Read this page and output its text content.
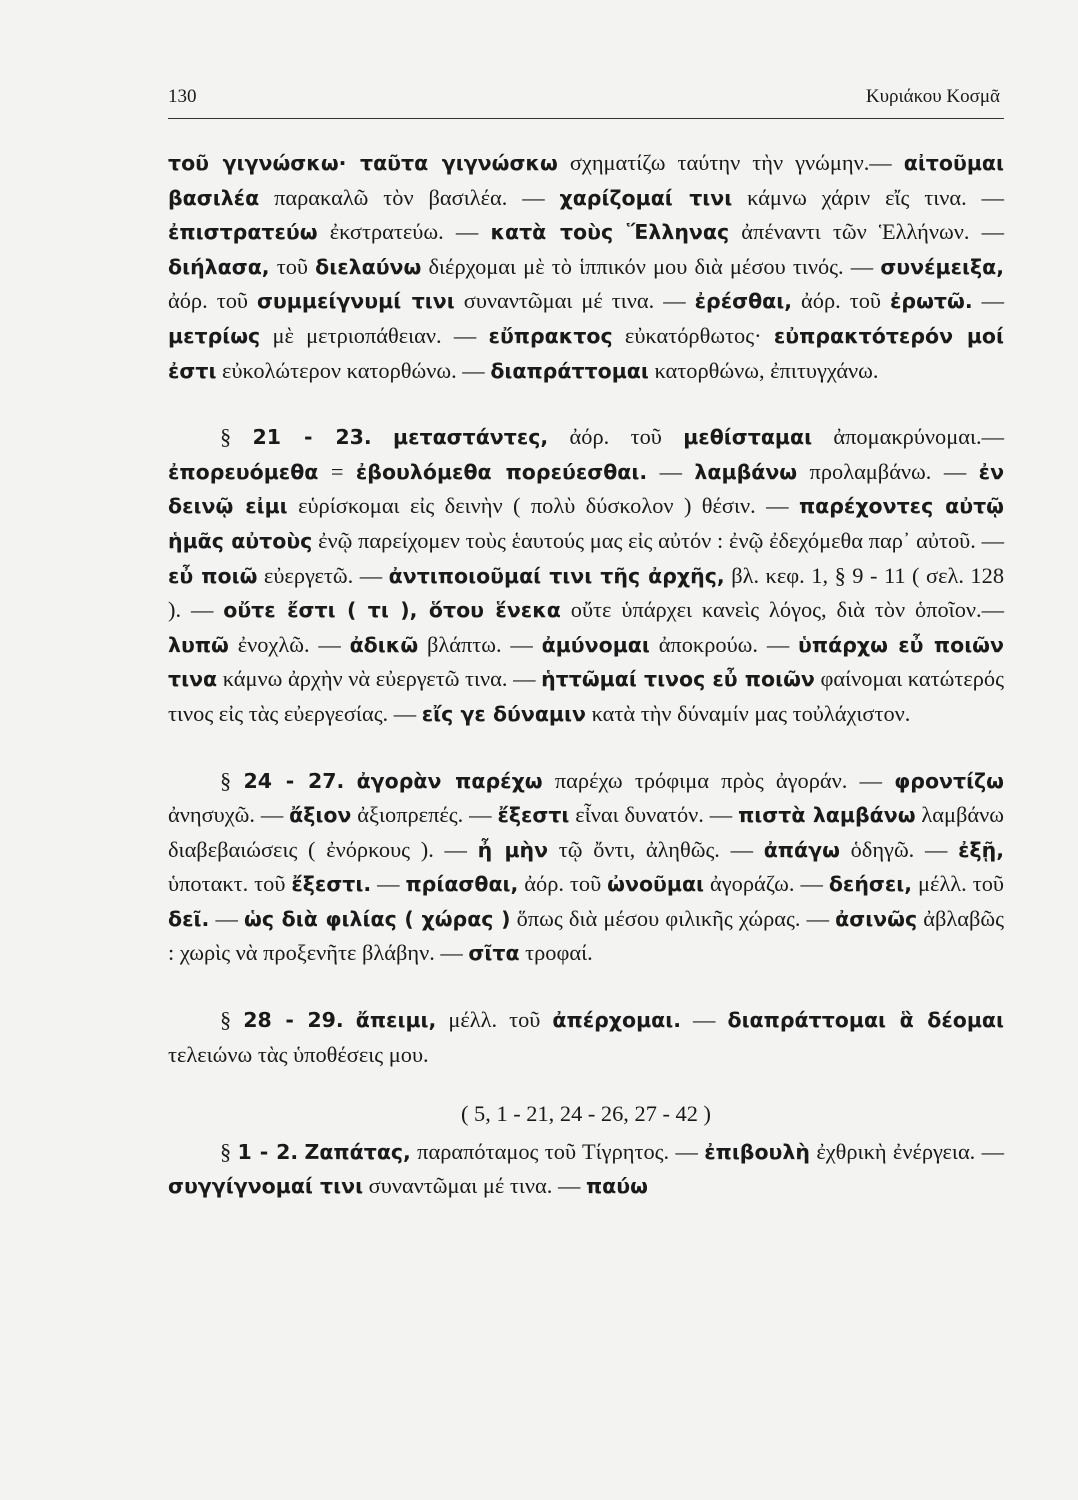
130	Κυριάκου Κοσμᾶ

τοῦ γιγνώσκω· ταῦτα γιγνώσκω σχηματίζω ταύτην τὴν γνώμην.— αἰτοῦμαι βασιλέα παρακαλῶ τὸν βασιλέα. — χαρίζομαί τινι κάμνω χάριν εἴς τινα. — ἐπιστρατεύω ἐκστρατεύω. — κατὰ τοὺς Ἕλληνας ἀπέναντι τῶν Ἑλλήνων. — διήλασα, τοῦ διελαύνω διέρχομαι μὲ τὸ ἱππικόν μου διὰ μέσου τινός. — συνέμειξα, ἀόρ. τοῦ συμμείγνυμί τινι συναντῶμαι μέ τινα. — ἐρέσθαι, ἀόρ. τοῦ ἐρωτῶ. — μετρίως μὲ μετριοπάθειαν. — εὔπρακτος εὐκατόρθωτος· εὐπρακτότερόν μοί ἐστι εὐκολώτερον κατορθώνω. — διαπράττομαι κατορθώνω, ἐπιτυγχάνω.

§ 21 - 23. μεταστάντες, ἀόρ. τοῦ μεθίσταμαι ἀπομακρύνομαι.— ἐπορευόμεθα = ἐβουλόμεθα πορεύεσθαι. — λαμβάνω προλαμβάνω. — ἐν δεινῷ εἰμι εὑρίσκομαι εἰς δεινὴν ( πολὺ δύσκολον ) θέσιν. — παρέχοντες αὐτῷ ἡμᾶς αὐτοὺς ἐνῷ παρείχομεν τοὺς ἑαυτούς μας εἰς αὐτόν : ἐνῷ ἐδεχόμεθα παρ᾽ αὐτοῦ. — εὖ ποιῶ εὐεργετῶ. — ἀντιποιοῦμαί τινι τῆς ἀρχῆς, βλ. κεφ. 1, § 9 - 11 ( σελ. 128 ). — οὔτε ἔστι ( τι ), ὅτου ἕνεκα οὔτε ὑπάρχει κανεὶς λόγος, διὰ τὸν ὁποῖον.— λυπῶ ἐνοχλῶ. — ἀδικῶ βλάπτω. — ἀμύνομαι ἀποκρούω. — ὑπάρχω εὖ ποιῶν τινα κάμνω ἀρχὴν νὰ εὐεργετῶ τινα. — ἡττῶμαί τινος εὖ ποιῶν φαίνομαι κατώτερός τινος εἰς τὰς εὐεργεσίας. — εἴς γε δύναμιν κατὰ τὴν δύναμίν μας τοὐλάχιστον.

§ 24 - 27. ἀγορὰν παρέχω παρέχω τρόφιμα πρὸς ἀγοράν. — φροντίζω ἀνησυχῶ. — ἄξιον ἀξιοπρεπές. — ἔξεστι εἶναι δυνατόν. — πιστὰ λαμβάνω λαμβάνω διαβεβαιώσεις ( ἐνόρκους ). — ἦ μὴν τῷ ὄντι, ἀληθῶς. — ἀπάγω ὁδηγῶ. — ἐξῇ, ὑποτακτ. τοῦ ἔξεστι. — πρίασθαι, ἀόρ. τοῦ ὠνοῦμαι ἀγοράζω. — δεήσει, μέλλ. τοῦ δεῖ. — ὡς διὰ φιλίας ( χώρας ) ὅπως διὰ μέσου φιλικῆς χώρας. — ἀσινῶς ἀβλαβῶς : χωρὶς νὰ προξενῆτε βλάβην. — σῖτα τροφαί.

§ 28 - 29. ἄπειμι, μέλλ. τοῦ ἀπέρχομαι. — διαπράττομαι ἃ δέομαι τελειώνω τὰς ὑποθέσεις μου.

( 5, 1 - 21, 24 - 26, 27 - 42 )

§ 1 - 2. Ζαπάτας, παραπόταμος τοῦ Τίγρητος. — ἐπιβουλὴ ἐχθρικὴ ἐνέργεια. — συγγίγνομαί τινι συναντῶμαι μέ τινα. — παύω
